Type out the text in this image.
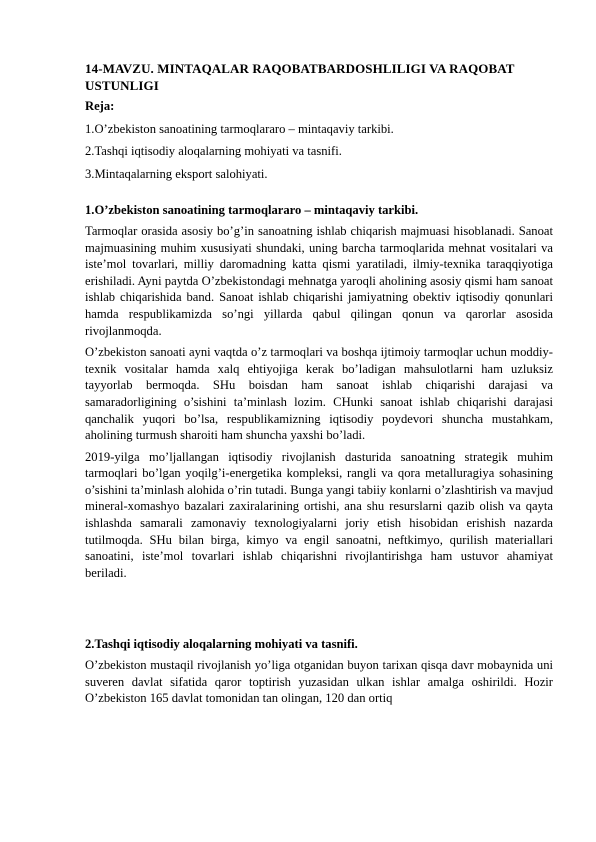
14-MAVZU. MINTAQALAR RAQOBATBARDOSHLILIGI VA RAQOBAT USTUNLIGI
Reja:
1.O’zbekiston sanoatining tarmoqlararo – mintaqaviy tarkibi.
2.Tashqi iqtisodiy aloqalarning mohiyati va tasnifi.
3.Mintaqalarning eksport salohiyati.
1.O’zbekiston sanoatining tarmoqlararo – mintaqaviy tarkibi.
Tarmoqlar orasida asosiy bo’g’in sanoatning ishlab chiqarish majmuasi hisoblanadi. Sanoat majmuasining muhim xususiyati shundaki, uning barcha tarmoqlarida mehnat vositalari va iste’mol tovarlari, milliy daromadning katta qismi yaratiladi, ilmiy-texnika taraqqiyotiga erishiladi. Ayni paytda O’zbekistondagi mehnatga yaroqli aholining asosiy qismi ham sanoat ishlab chiqarishida band. Sanoat ishlab chiqarishi jamiyatning obektiv iqtisodiy qonunlari hamda respublikamizda so’ngi yillarda qabul qilingan qonun va qarorlar asosida rivojlanmoqda.
O’zbekiston sanoati ayni vaqtda o’z tarmoqlari va boshqa ijtimoiy tarmoqlar uchun moddiy-texnik vositalar hamda xalq ehtiyojiga kerak bo’ladigan mahsulotlarni ham uzluksiz tayyorlab bermoqda. SHu boisdan ham sanoat ishlab chiqarishi darajasi va samaradorligining o’sishini ta’minlash lozim. CHunki sanoat ishlab chiqarishi darajasi qanchalik yuqori bo’lsa, respublikamizning iqtisodiy poydevori shuncha mustahkam, aholining turmush sharoiti ham shuncha yaxshi bo’ladi.
2019-yilga mo’ljallangan iqtisodiy rivojlanish dasturida sanoatning strategik muhim tarmoqlari bo’lgan yoqilg’i-energetika kompleksi, rangli va qora metalluragiya sohasining o’sishini ta’minlash alohida o’rin tutadi. Bunga yangi tabiiy konlarni o’zlashtirish va mavjud mineral-xomashyo bazalari zaxiralarining ortishi, ana shu resurslarni qazib olish va qayta ishlashda samarali zamonaviy texnologiyalarni joriy etish hisobidan erishish nazarda tutilmoqda. SHu bilan birga, kimyo va engil sanoatni, neftkimyo, qurilish materiallari sanoatini, iste’mol tovarlari ishlab chiqarishni rivojlantirishga ham ustuvor ahamiyat beriladi.
2.Tashqi iqtisodiy aloqalarning mohiyati va tasnifi.
O’zbekiston mustaqil rivojlanish yo’liga otganidan buyon tarixan qisqa davr mobaynida uni suveren davlat sifatida qaror toptirish yuzasidan ulkan ishlar amalga oshirildi. Hozir O’zbekiston 165 davlat tomonidan tan olingan, 120 dan ortiq
